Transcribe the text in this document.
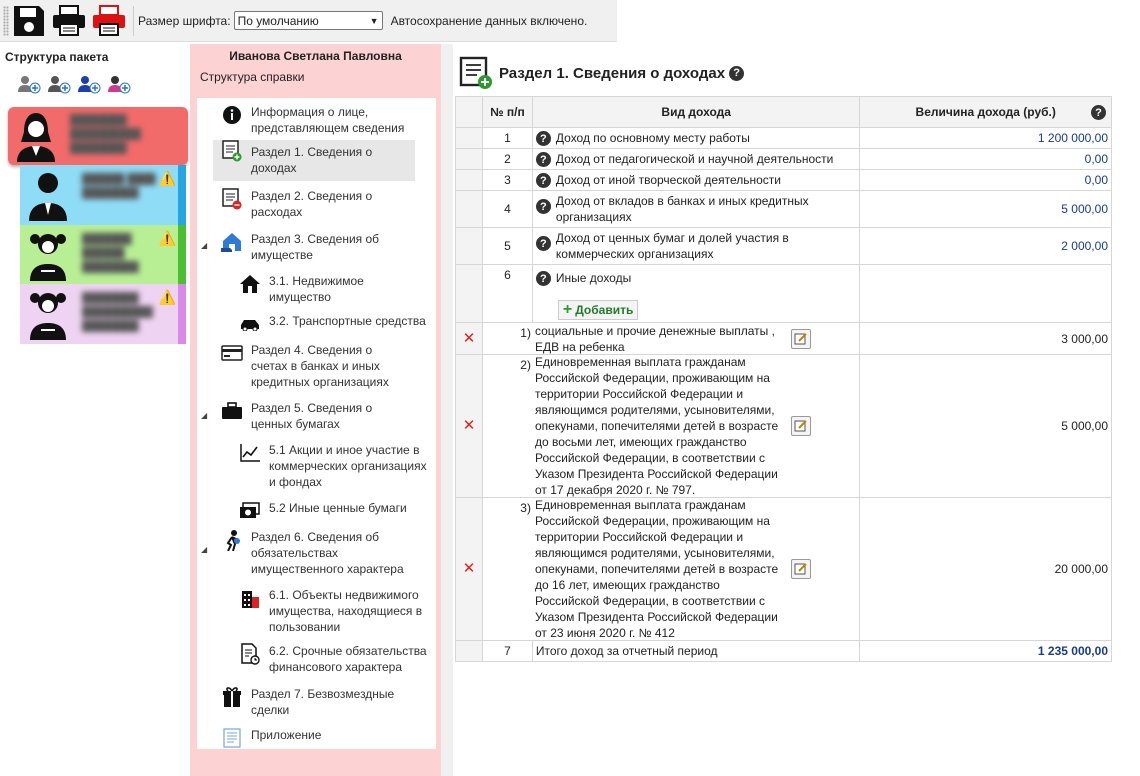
Размер шрифта: По умолчанию	▼ Автосохранение данных включено.
Структура пакета
████████
██████████
████████
██████ ████
████████
⚠️
███████
██████
████████
⚠️
████████
██████████
████████
⚠️
Иванова Светлана Павловна
Структура справки
Информация о лице, представляющем сведения
Раздел 1. Сведения о доходах
Раздел 2. Сведения о расходах
◢	Раздел 3. Сведения об имуществе
3.1. Недвижимое имущество
3.2. Транспортные средства
Раздел 4. Сведения о счетах в банках и иных кредитных организациях
◢
Раздел 5. Сведения о ценных бумагах
5.1 Акции и иное участие в коммерческих организациях и фондах
5.2 Иные ценные бумаги
◢
Раздел 6. Сведения об обязательствах имущественного характера
6.1. Объекты недвижимого имущества, находящиеся в пользовании
6.2. Срочные обязательства финансового характера
Раздел 7. Безвозмездные сделки
Приложение
Раздел 1. Сведения о доходах ?
	№ п/п	Вид дохода	Величина дохода (руб.) ?

	1	? Доход по основному месту работы	1 200 000,00
	2	? Доход от педагогической и научной деятельности	0,00
	3	? Доход от иной творческой деятельности	0,00
	4	? Доход от вкладов в банках и иных кредитных организациях	5 000,00
	5	? Доход от ценных бумаг и долей участия в коммерческих организациях	2 000,00
	6	? Иные доходы
+ Добавить	

✕	1) социальные и прочие денежные выплаты , ЕДВ на ребенка		3 000,00

✕	2) Единовременная выплата гражданам Российской Федерации, проживающим на территории Российской Федерации и являющимся родителями, усыновителями, опекунами, попечителями детей в возрасте до восьми лет, имеющих гражданство Российской Федерации, в соответствии с Указом Президента Российской Федерации от 17 декабря 2020 г. № 797.		5 000,00

✕	3) Единовременная выплата гражданам Российской Федерации, проживающим на территории Российской Федерации и являющимся родителями, усыновителями, опекунами, попечителями детей в возрасте до 16 лет, имеющих гражданство Российской Федерации, в соответствии с Указом Президента Российской Федерации от 23 июня 2020 г. № 412		20 000,00
	7	Итого доход за отчетный период	1 235 000,00
